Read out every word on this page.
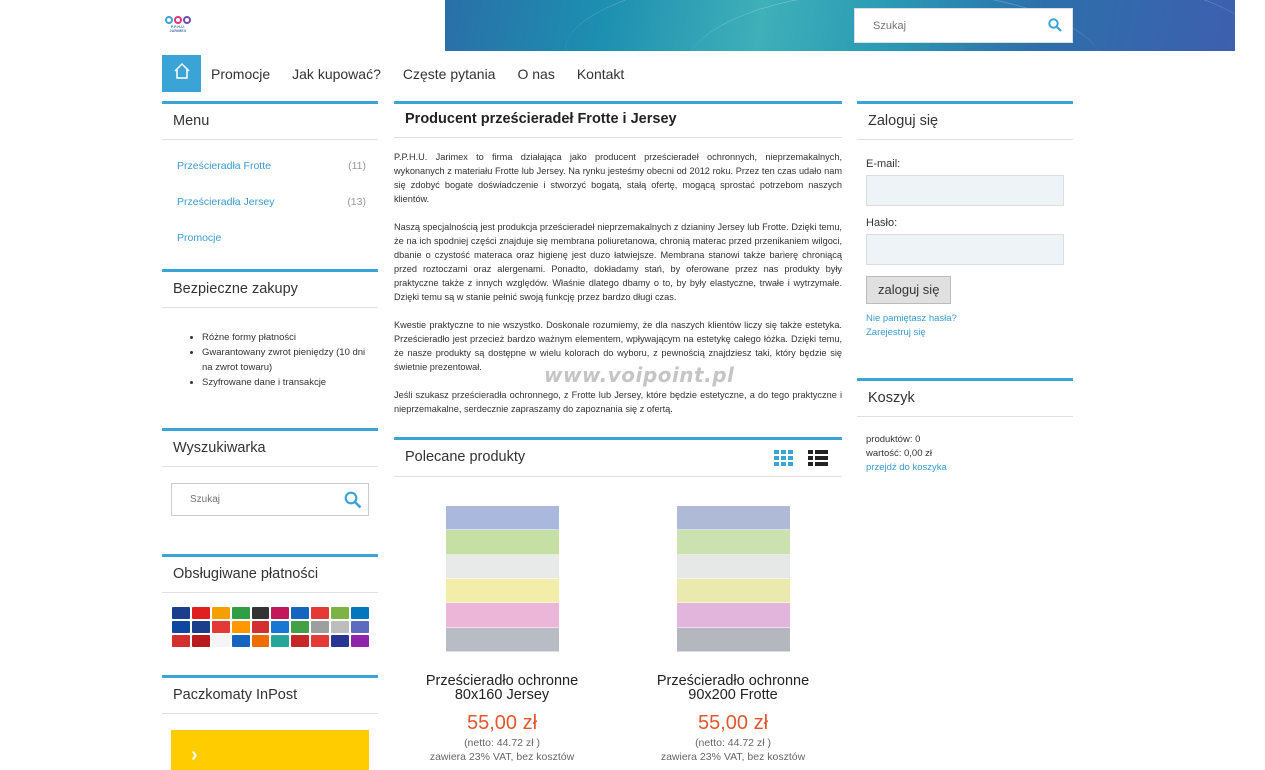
P.P.H.U. JARIMEX
Szukaj
Promocje Jak kupować? Częste pytania O nas Kontakt
Menu
Prześcieradła Frotte	(11)
Prześcieradła Jersey	(13)
Promocje
Bezpieczne zakupy
• Różne formy płatności
• Gwarantowany zwrot pieniędzy (10 dni na zwrot towaru)
• Szyfrowane dane i transakcje
Wyszukiwarka
Szukaj
Obsługiwane płatności
Paczkomaty InPost
›
Producent prześcieradeł Frotte i Jersey

P.P.H.U. Jarimex to firma działająca jako producent prześcieradeł ochronnych, nieprzemakalnych, wykonanych z materiału Frotte lub Jersey. Na rynku jesteśmy obecni od 2012 roku. Przez ten czas udało nam się zdobyć bogate doświadczenie i stworzyć bogatą, stałą ofertę, mogącą sprostać potrzebom naszych klientów.

Naszą specjalnością jest produkcja prześcieradeł nieprzemakalnych z dzianiny Jersey lub Frotte. Dzięki temu, że na ich spodniej części znajduje się membrana poliuretanowa, chronią materac przed przenikaniem wilgoci, dbanie o czystość materaca oraz higienę jest duzo łatwiejsze. Membrana stanowi także barierę chroniącą przed roztoczami oraz alergenami. Ponadto, dokładamy stań, by oferowane przez nas produkty były praktyczne także z innych względów. Właśnie dlatego dbamy o to, by były elastyczne, trwałe i wytrzymałe. Dzięki temu są w stanie pełnić swoją funkcję przez bardzo długi czas.

Kwestie praktyczne to nie wszystko. Doskonale rozumiemy, że dla naszych klientów liczy się także estetyka. Prześcieradło jest przecież bardzo ważnym elementem, wpływającym na estetykę całego łóżka. Dzięki temu, że nasze produkty są dostępne w wielu kolorach do wyboru, z pewnością znajdziesz taki, który będzie się świetnie prezentował.

Jeśli szukasz prześcieradła ochronnego, z Frotte lub Jersey, które będzie estetyczne, a do tego praktyczne i nieprzemakalne, serdecznie zapraszamy do zapoznania się z ofertą.

www.voipoint.pl
Polecane produkty
Prześcieradło ochronne 80x160 Jersey
55,00 zł
(netto: 44.72 zł )
zawiera 23% VAT, bez kosztów
Prześcieradło ochronne 90x200 Frotte
55,00 zł
(netto: 44.72 zł )
zawiera 23% VAT, bez kosztów
Zaloguj się
E-mail:
Hasło:
zaloguj się
Nie pamiętasz hasła?
Zarejestruj się
Koszyk
produktów: 0
wartość: 0,00 zł
przejdź do koszyka
